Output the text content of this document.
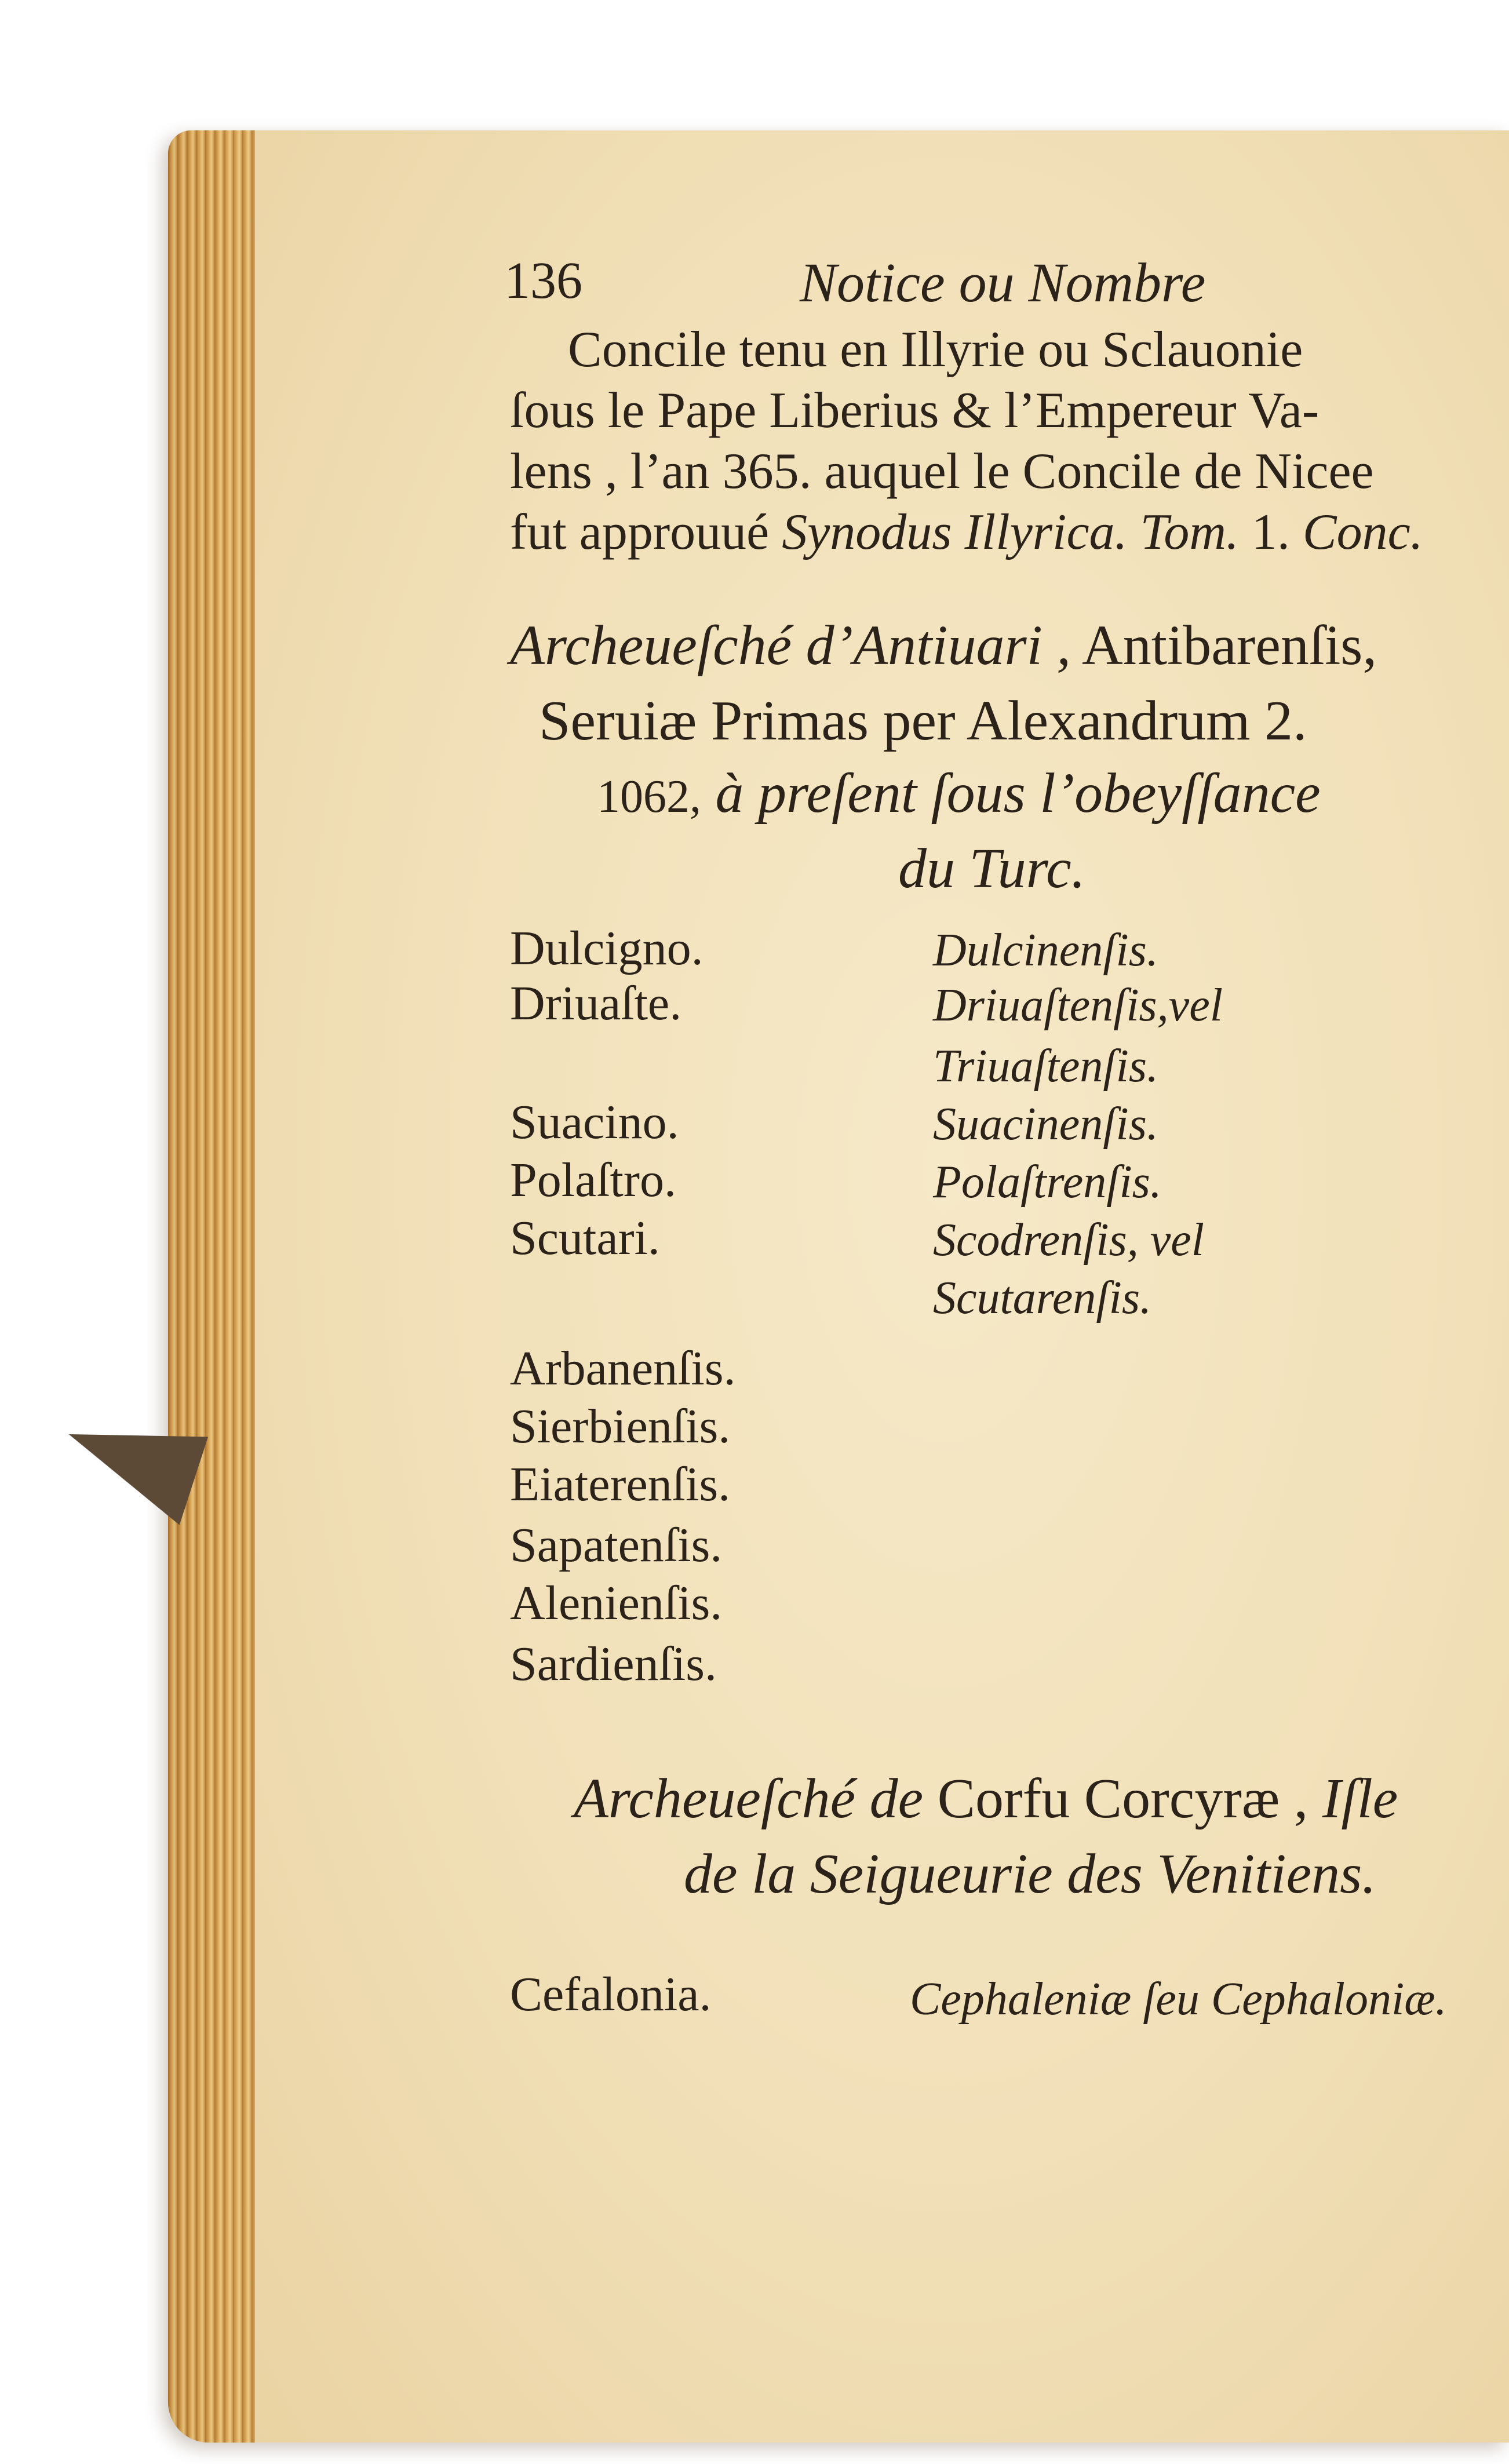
136	Notice ou Nombre
Concile tenu en Illyrie ou Sclauonie
ſous le Pape Liberius & l’Empereur Va-
lens , l’an 365. auquel le Concile de Nicee
fut approuué Synodus Illyrica. Tom. 1. Conc.
Archeueſché d’Antiuari , Antibarenſis,
Seruiæ Primas per Alexandrum 2.
1062, à preſent ſous l’obeyſſance
du Turc.
Dulcigno.	Dulcinenſis.
Driuaſte.	Driuaſtenſis,vel
Triuaſtenſis.
Suacino.	Suacinenſis.
Polaſtro.	Polaſtrenſis.
Scutari.	Scodrenſis, vel
Scutarenſis.
Arbanenſis.
Sierbienſis.
Eiaterenſis.
Sapatenſis.
Alenienſis.
Sardienſis.
Archeueſché de Corfu Corcyræ , Iſle
de la Seigueurie des Venitiens.
Cefalonia.	Cephaleniæ ſeu Cephaloniæ.
